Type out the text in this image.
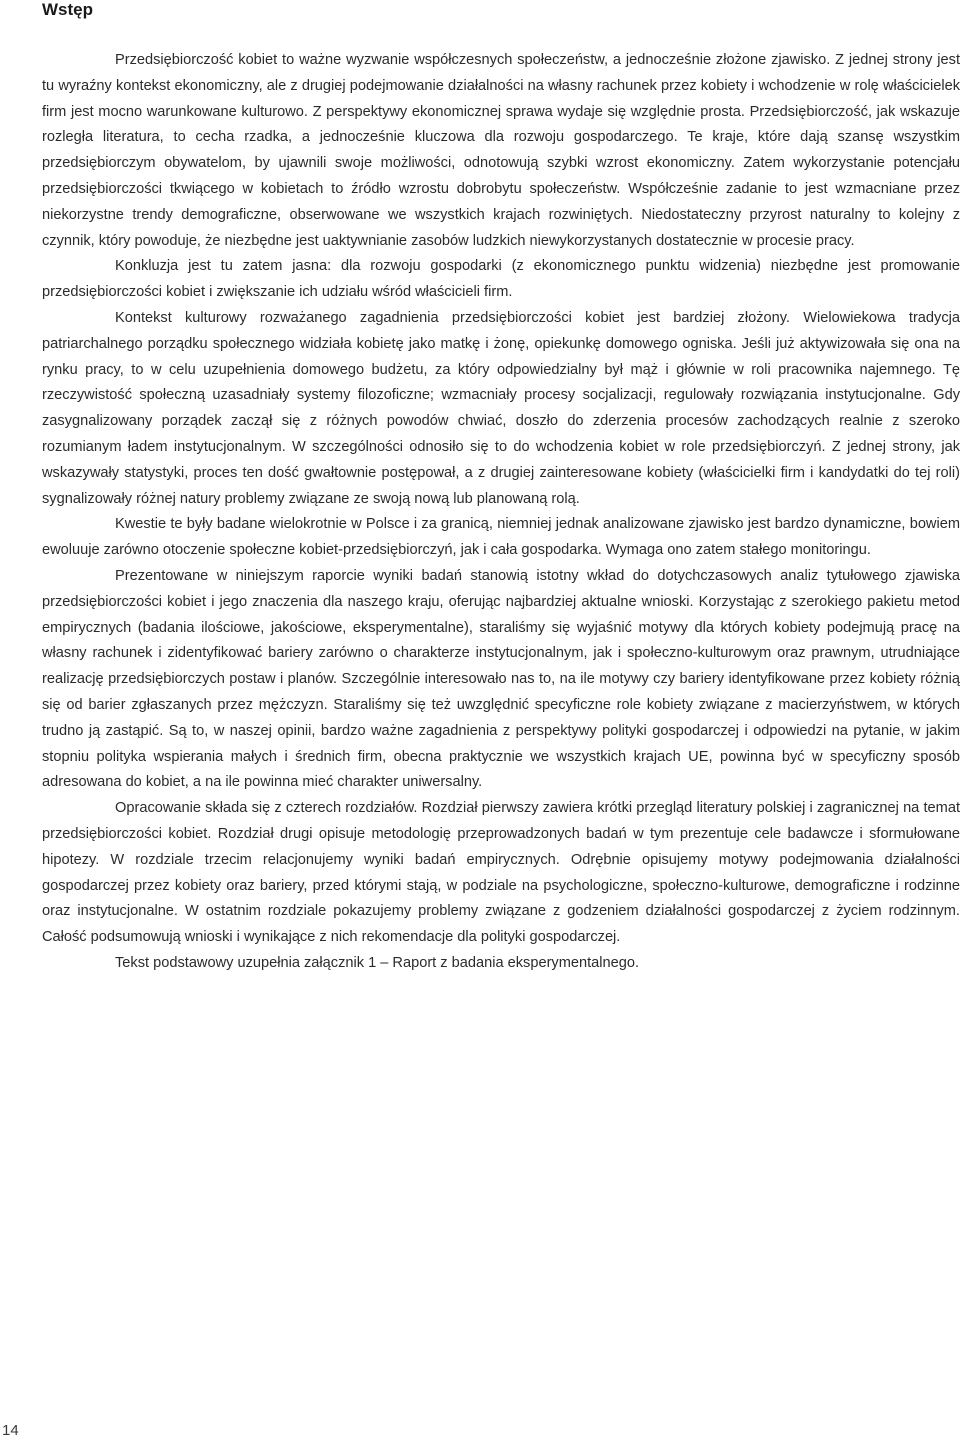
Wstęp

Przedsiębiorczość kobiet to ważne wyzwanie współczesnych społeczeństw, a jednocześnie złożone zjawisko. Z jednej strony jest tu wyraźny kontekst ekonomiczny, ale z drugiej podejmowanie działalności na własny rachunek przez kobiety i wchodzenie w rolę właścicielek firm jest mocno warunkowane kulturowo. Z perspektywy ekonomicznej sprawa wydaje się względnie prosta. Przedsiębiorczość, jak wskazuje rozległa literatura, to cecha rzadka, a jednocześnie kluczowa dla rozwoju gospodarczego. Te kraje, które dają szansę wszystkim przedsiębiorczym obywatelom, by ujawnili swoje możliwości, odnotowują szybki wzrost ekonomiczny. Zatem wykorzystanie potencjału przedsiębiorczości tkwiącego w kobietach to źródło wzrostu dobrobytu społeczeństw. Współcześnie zadanie to jest wzmacniane przez niekorzystne trendy demograficzne, obserwowane we wszystkich krajach rozwiniętych. Niedostateczny przyrost naturalny to kolejny z czynnik, który powoduje, że niezbędne jest uaktywnianie zasobów ludzkich niewykorzystanych dostatecznie w procesie pracy.

Konkluzja jest tu zatem jasna: dla rozwoju gospodarki (z ekonomicznego punktu widzenia) niezbędne jest promowanie przedsiębiorczości kobiet i zwiększanie ich udziału wśród właścicieli firm.

Kontekst kulturowy rozważanego zagadnienia przedsiębiorczości kobiet jest bardziej złożony. Wielowiekowa tradycja patriarchalnego porządku społecznego widziała kobietę jako matkę i żonę, opiekunkę domowego ogniska. Jeśli już aktywizowała się ona na rynku pracy, to w celu uzupełnienia domowego budżetu, za który odpowiedzialny był mąż i głównie w roli pracownika najemnego. Tę rzeczywistość społeczną uzasadniały systemy filozoficzne; wzmacniały procesy socjalizacji, regulowały rozwiązania instytucjonalne. Gdy zasygnalizowany porządek zaczął się z różnych powodów chwiać, doszło do zderzenia procesów zachodzących realnie z szeroko rozumianym ładem instytucjonalnym. W szczególności odnosiło się to do wchodzenia kobiet w role przedsiębiorczyń. Z jednej strony, jak wskazywały statystyki, proces ten dość gwałtownie postępował, a z drugiej zainteresowane kobiety (właścicielki firm i kandydatki do tej roli) sygnalizowały różnej natury problemy związane ze swoją nową lub planowaną rolą.

Kwestie te były badane wielokrotnie w Polsce i za granicą, niemniej jednak analizowane zjawisko jest bardzo dynamiczne, bowiem ewoluuje zarówno otoczenie społeczne kobiet-przedsiębiorczyń, jak i cała gospodarka. Wymaga ono zatem stałego monitoringu.

Prezentowane w niniejszym raporcie wyniki badań stanowią istotny wkład do dotychczasowych analiz tytułowego zjawiska przedsiębiorczości kobiet i jego znaczenia dla naszego kraju, oferując najbardziej aktualne wnioski. Korzystając z szerokiego pakietu metod empirycznych (badania ilościowe, jakościowe, eksperymentalne), staraliśmy się wyjaśnić motywy dla których kobiety podejmują pracę na własny rachunek i zidentyfikować bariery zarówno o charakterze instytucjonalnym, jak i społeczno-kulturowym oraz prawnym, utrudniające realizację przedsiębiorczych postaw i planów. Szczególnie interesowało nas to, na ile motywy czy bariery identyfikowane przez kobiety różnią się od barier zgłaszanych przez mężczyzn. Staraliśmy się też uwzględnić specyficzne role kobiety związane z macierzyństwem, w których trudno ją zastąpić. Są to, w naszej opinii, bardzo ważne zagadnienia z perspektywy polityki gospodarczej i odpowiedzi na pytanie, w jakim stopniu polityka wspierania małych i średnich firm, obecna praktycznie we wszystkich krajach UE, powinna być w specyficzny sposób adresowana do kobiet, a na ile powinna mieć charakter uniwersalny.

Opracowanie składa się z czterech rozdziałów. Rozdział pierwszy zawiera krótki przegląd literatury polskiej i zagranicznej na temat przedsiębiorczości kobiet. Rozdział drugi opisuje metodologię przeprowadzonych badań w tym prezentuje cele badawcze i sformułowane hipotezy. W rozdziale trzecim relacjonujemy wyniki badań empirycznych. Odrębnie opisujemy motywy podejmowania działalności gospodarczej przez kobiety oraz bariery, przed którymi stają, w podziale na psychologiczne, społeczno-kulturowe, demograficzne i rodzinne oraz instytucjonalne. W ostatnim rozdziale pokazujemy problemy związane z godzeniem działalności gospodarczej z życiem rodzinnym. Całość podsumowują wnioski i wynikające z nich rekomendacje dla polityki gospodarczej.

Tekst podstawowy uzupełnia załącznik 1 – Raport z badania eksperymentalnego.

14
